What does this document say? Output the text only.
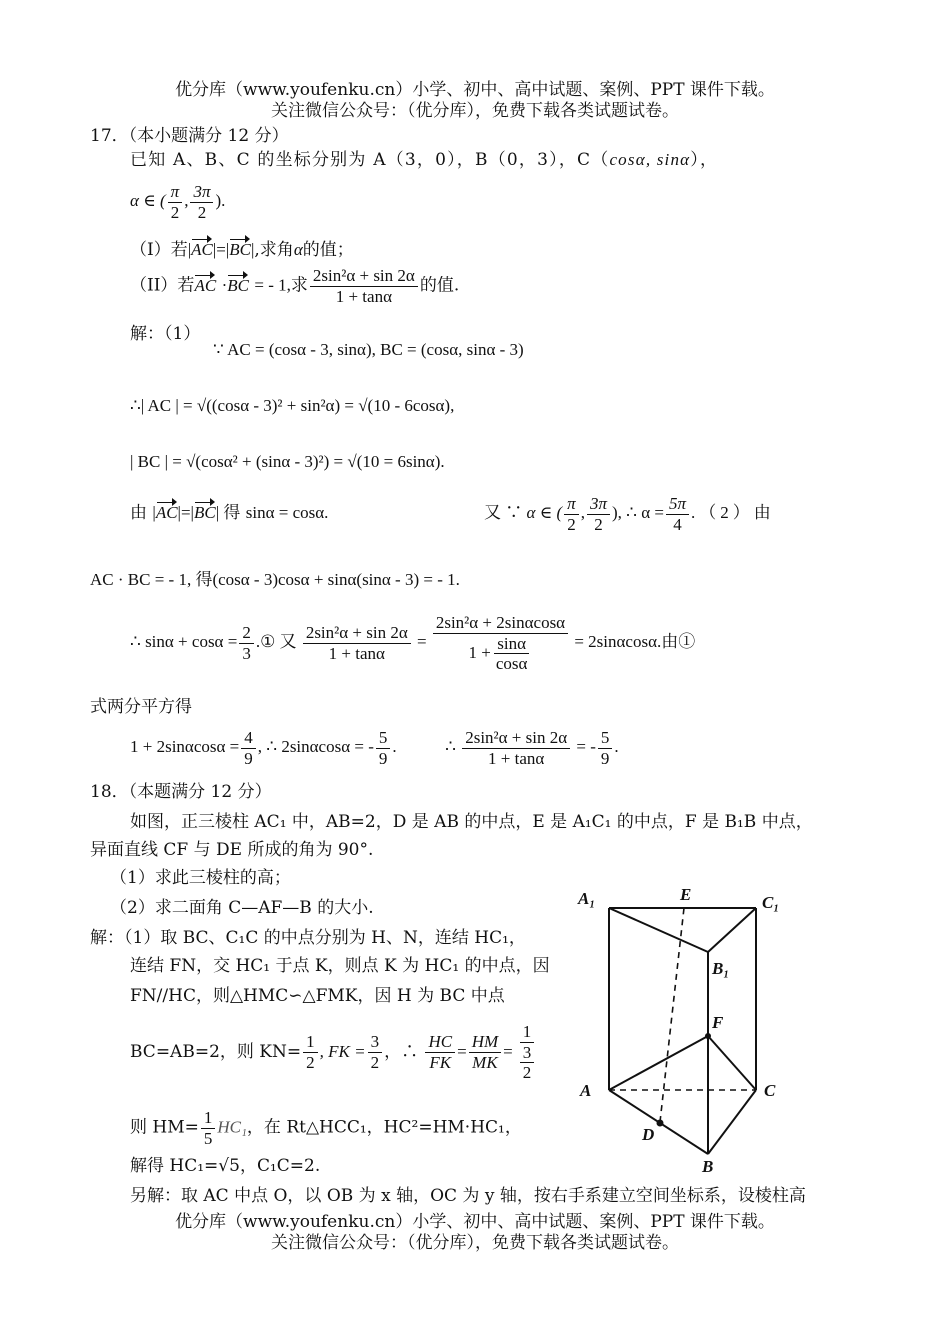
优分库（www.youfenku.cn）小学、初中、高中试题、案例、PPT 课件下载。
关注微信公众号：（优分库），免费下载各类试题试卷。
17．（本小题满分 12 分）
已知 A、B、C 的坐标分别为 A（3，0），B（0，3），C（cosα, sinα），
α ∈ ( $\frac{\pi}{2}$ , $\frac{3\pi}{2}$ ).
（I）若|AC|=|BC|,求角α的值；
（II）若AC ·BC = - 1,求 $\frac{\text{2sin²α + sin 2α}}{1 + \tan\alpha}$ 的值.
解：（1）
∵ AC = (cosα - 3, sinα), BC = (cosα, sinα - 3)
∴| AC | = √((cosα - 3)² + sin²α) = √(10 - 6cosα),
| BC | = √(cosα² + (sinα - 3)²) = √(10 = 6sinα).
由 |AC|=|BC| 得 sinα = cosα.	又 ∵ α ∈ ( $\frac{\pi}{2}$ , $\frac{3\pi}{2}$ ), ∴ $\alpha = \frac{5\pi}{4} .(2)$由
AC · BC = - 1, 得(cosα - 3)cosα + sinα(sinα - 3) = - 1.
∴ $\sin\alpha + \cos\alpha = \frac{2}{3}$ .① 又 $\frac{\text{2sin²α + sin 2α}}{1 + \tan\alpha} = \frac{\text{2sin²α + 2sinαcosα}}{1 + \frac{\sin\alpha}{\cos\alpha}} = 2\sin\alpha\cos\alpha$.由①
式两分平方得
$1 + 2\sin\alpha\cos\alpha = \frac{4}{9}$ , ∴ 2sinαcosα = - $\frac{5}{9}$ .	∴ $\frac{\text{2sin²α + sin 2α}}{1 + \tan\alpha}$ = - $\frac{5}{9}$ .
18．（本题满分 12 分）
如图，正三棱柱 AC₁ 中，AB=2，D 是 AB 的中点，E 是 A₁C₁ 的中点，F 是 B₁B 中点，
异面直线 CF 与 DE 所成的角为 90°.
（1）求此三棱柱的高；
（2）求二面角 C—AF—B 的大小.
解：（1）取 BC、C₁C 的中点分别为 H、N，连结 HC₁，
连结 FN，交 HC₁ 于点 K，则点 K 为 HC₁ 的中点，因
FN//HC，则△HMC∽△FMK，因 H 为 BC 中点
BC=AB=2，则 $KN= \frac{1}{2}$ , FK = $\frac{3}{2}$ ，∴ $\frac{HC}{FK} = \frac{HM}{MK} = \frac{1}{\frac{3}{2}}$
则 $HM= \frac{1}{5} HC_1$，在 Rt△HCC₁，HC²=HM·HC₁，
解得 HC₁=√5，C₁C=2.
另解：取 AC 中点 O，以 OB 为 x 轴，OC 为 y 轴，按右手系建立空间坐标系，设棱柱高
A₁	E	C₁
B₁
F
A	C
D
B
优分库（www.youfenku.cn）小学、初中、高中试题、案例、PPT 课件下载。
关注微信公众号：（优分库），免费下载各类试题试卷。
